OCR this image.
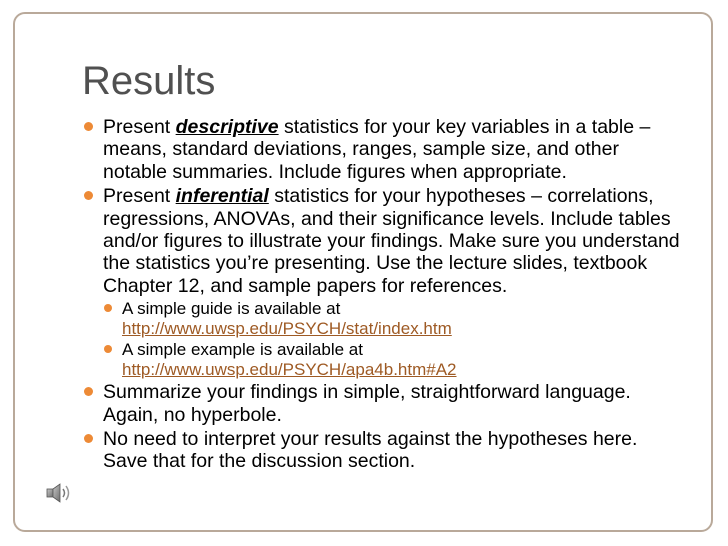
Results
Present descriptive statistics for your key variables in a table – means, standard deviations, ranges, sample size, and other notable summaries. Include figures when appropriate.
Present inferential statistics for your hypotheses – correlations, regressions, ANOVAs, and their significance levels. Include tables and/or figures to illustrate your findings. Make sure you understand the statistics you’re presenting. Use the lecture slides, textbook Chapter 12, and sample papers for references.
A simple guide is available at
http://www.uwsp.edu/PSYCH/stat/index.htm
A simple example is available at
http://www.uwsp.edu/PSYCH/apa4b.htm#A2
Summarize your findings in simple, straightforward language. Again, no hyperbole.
No need to interpret your results against the hypotheses here. Save that for the discussion section.
